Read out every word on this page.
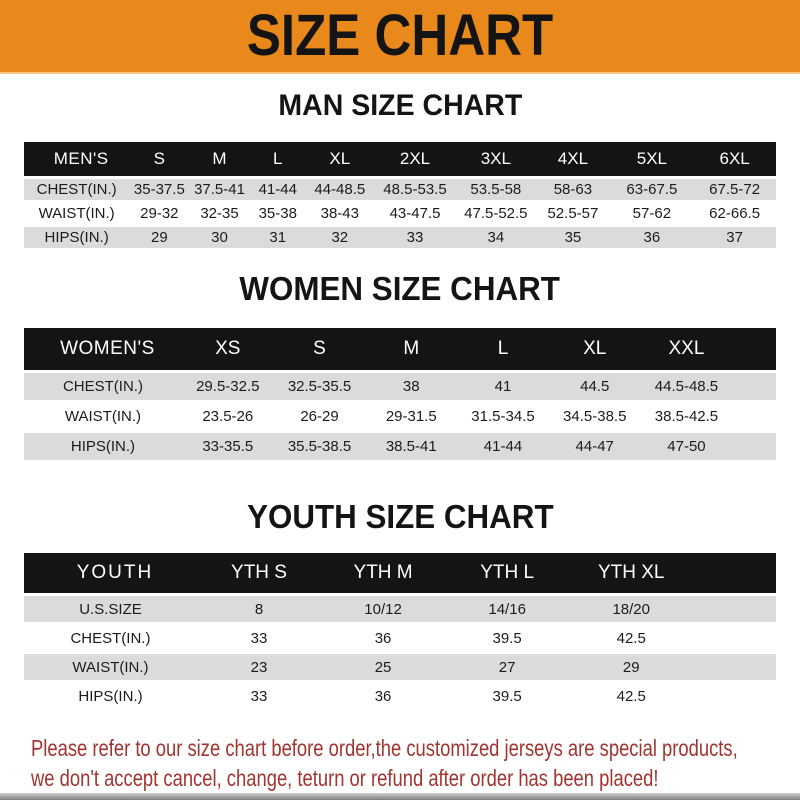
SIZE CHART
MAN SIZE CHART
MEN'S	S	M	L	XL	2XL	3XL	4XL	5XL	6XL
CHEST(IN.)	35-37.5	37.5-41	41-44	44-48.5	48.5-53.5	53.5-58	58-63	63-67.5	67.5-72
WAIST(IN.)	29-32	32-35	35-38	38-43	43-47.5	47.5-52.5	52.5-57	57-62	62-66.5
HIPS(IN.)	29	30	31	32	33	34	35	36	37
WOMEN SIZE CHART
WOMEN'S	XS	S	M	L	XL	XXL	
CHEST(IN.)	29.5-32.5	32.5-35.5	38	41	44.5	44.5-48.5	
WAIST(IN.)	23.5-26	26-29	29-31.5	31.5-34.5	34.5-38.5	38.5-42.5	
HIPS(IN.)	33-35.5	35.5-38.5	38.5-41	41-44	44-47	47-50	
YOUTH SIZE CHART
YOUTH	YTH S	YTH M	YTH L	YTH XL	
U.S.SIZE	8	10/12	14/16	18/20	
CHEST(IN.)	33	36	39.5	42.5	
WAIST(IN.)	23	25	27	29	
HIPS(IN.)	33	36	39.5	42.5	
Please refer to our size chart before order,the customized jerseys are special products,
we don't accept cancel, change, teturn or refund after order has been placed!
